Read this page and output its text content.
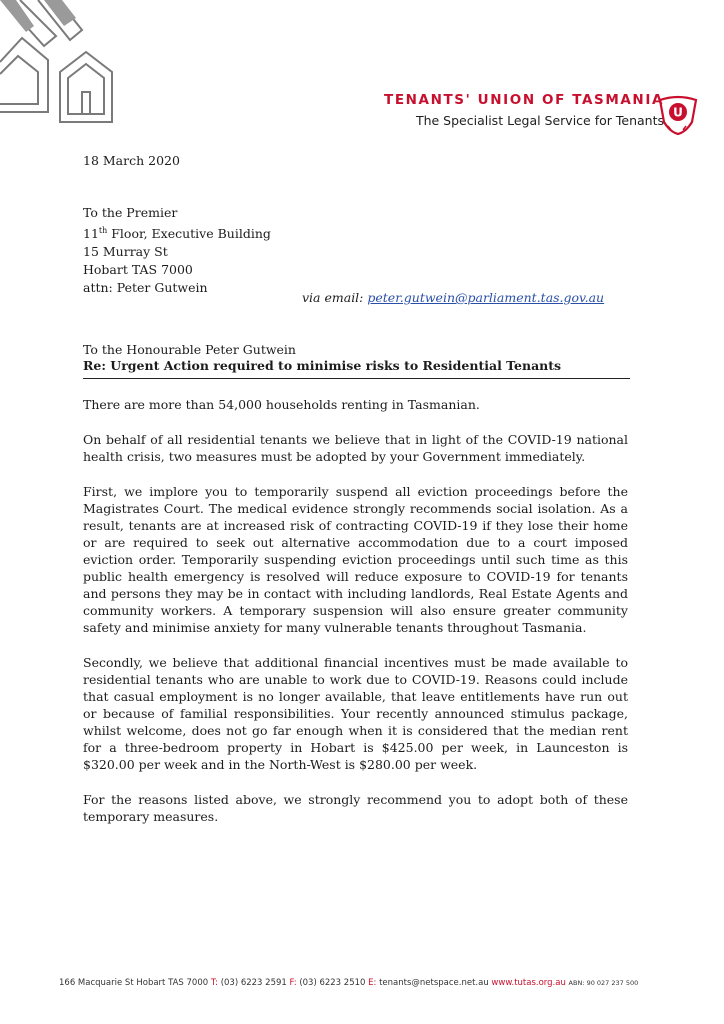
TENANTS' UNION OF TASMANIA
The Specialist Legal Service for Tenants
U
18 March 2020
To the Premier
11th Floor, Executive Building
15 Murray St
Hobart TAS 7000
attn: Peter Gutwein
via email: peter.gutwein@parliament.tas.gov.au
To the Honourable Peter Gutwein
Re: Urgent Action required to minimise risks to Residential Tenants

There are more than 54,000 households renting in Tasmanian.

On behalf of all residential tenants we believe that in light of the COVID-19 national health crisis, two measures must be adopted by your Government immediately.

First, we implore you to temporarily suspend all eviction proceedings before the Magistrates Court. The medical evidence strongly recommends social isolation. As a result, tenants are at increased risk of contracting COVID-19 if they lose their home or are required to seek out alternative accommodation due to a court imposed eviction order. Temporarily suspending eviction proceedings until such time as this public health emergency is resolved will reduce exposure to COVID-19 for tenants and persons they may be in contact with including landlords, Real Estate Agents and community workers. A temporary suspension will also ensure greater community safety and minimise anxiety for many vulnerable tenants throughout Tasmania.

Secondly, we believe that additional financial incentives must be made available to residential tenants who are unable to work due to COVID-19. Reasons could include that casual employment is no longer available, that leave entitlements have run out or because of familial responsibilities. Your recently announced stimulus package, whilst welcome, does not go far enough when it is considered that the median rent for a three-bedroom property in Hobart is $425.00 per week, in Launceston is $320.00 per week and in the North-West is $280.00 per week.

For the reasons listed above, we strongly recommend you to adopt both of these temporary measures.

166 Macquarie St Hobart TAS 7000 T: (03) 6223 2591 F: (03) 6223 2510 E: tenants@netspace.net.au www.tutas.org.au ABN: 90 027 237 500
